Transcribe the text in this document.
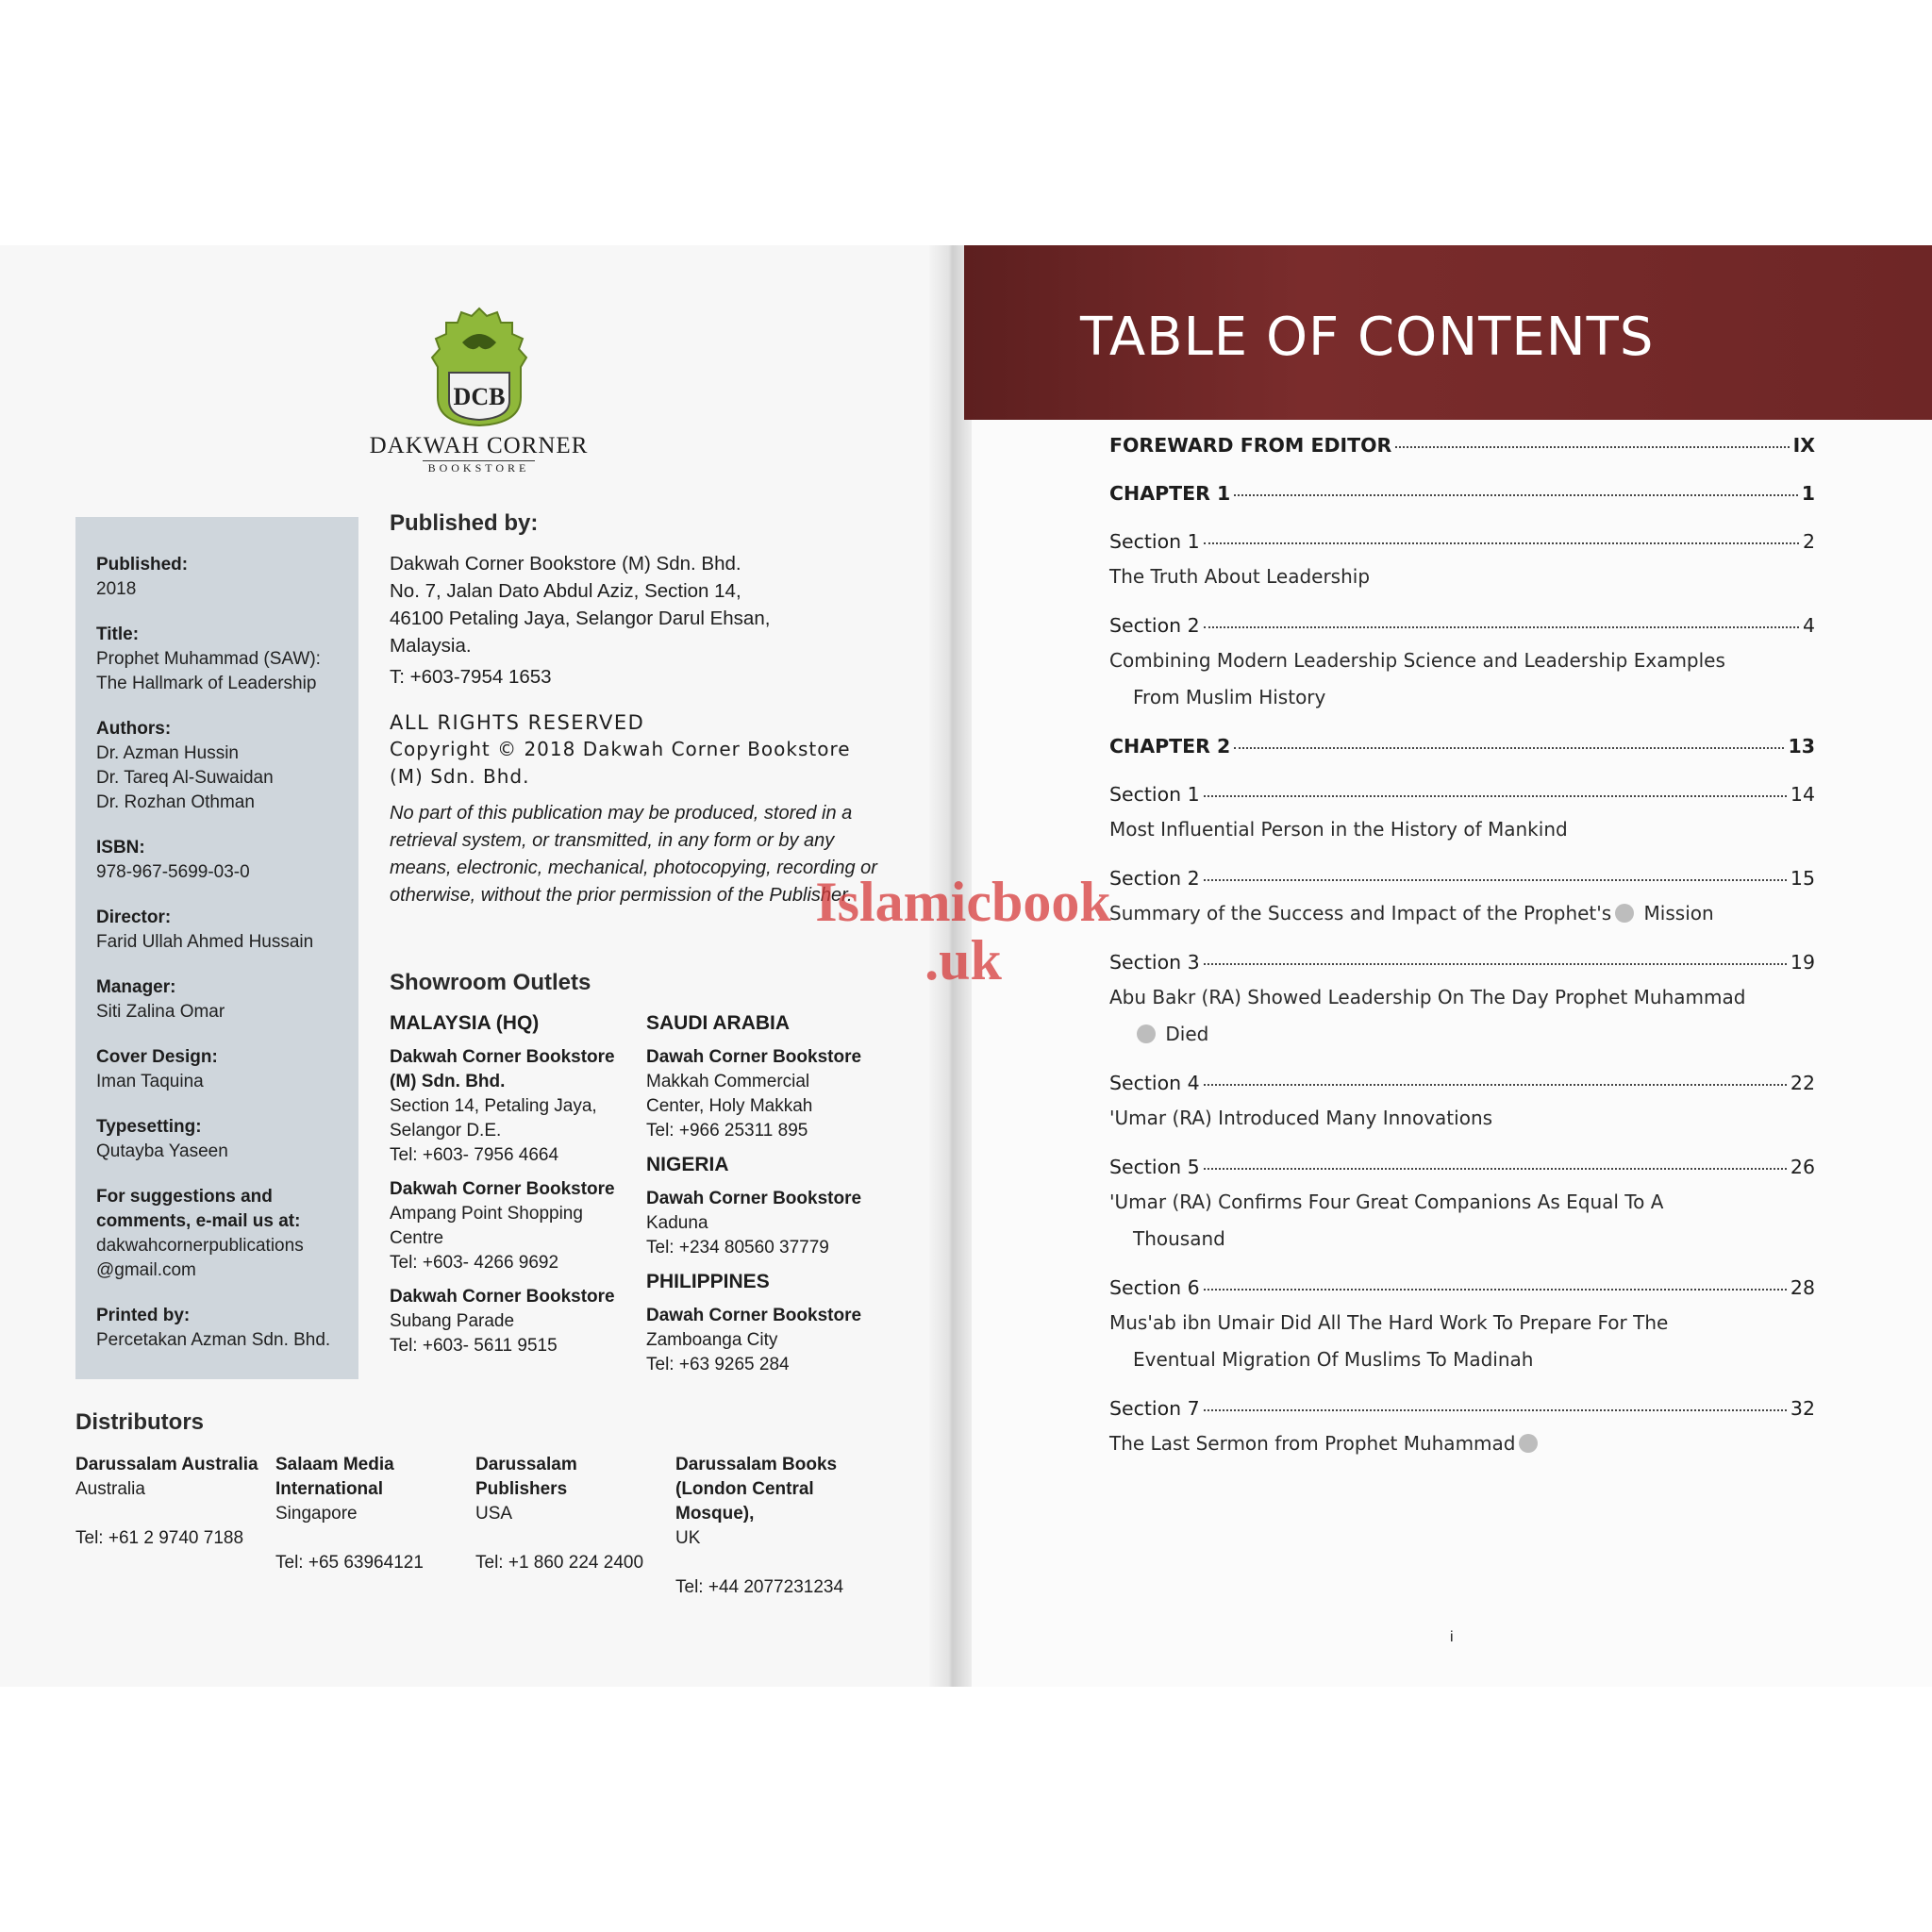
DCB
DAKWAH CORNER
BOOKSTORE
Published:
2018
Title:
Prophet Muhammad (SAW):
The Hallmark of Leadership
Authors:
Dr. Azman Hussin
Dr. Tareq Al-Suwaidan
Dr. Rozhan Othman
ISBN:
978-967-5699-03-0
Director:
Farid Ullah Ahmed Hussain
Manager:
Siti Zalina Omar
Cover Design:
Iman Taquina
Typesetting:
Qutayba Yaseen
For suggestions and comments, e-mail us at:
dakwahcornerpublications
@gmail.com
Printed by:
Percetakan Azman Sdn. Bhd.
Published by:
Dakwah Corner Bookstore (M) Sdn. Bhd.
No. 7, Jalan Dato Abdul Aziz, Section 14,
46100 Petaling Jaya, Selangor Darul Ehsan,
Malaysia.
T: +603-7954 1653
ALL RIGHTS RESERVED
Copyright © 2018 Dakwah Corner Bookstore (M) Sdn. Bhd.
No part of this publication may be produced, stored in a retrieval system, or transmitted, in any form or by any means, electronic, mechanical, photocopying, recording or otherwise, without the prior permission of the Publisher.
Showroom Outlets
MALAYSIA (HQ)
Dakwah Corner Bookstore (M) Sdn. Bhd.
Section 14, Petaling Jaya,
Selangor D.E.
Tel: +603- 7956 4664
Dakwah Corner Bookstore
Ampang Point Shopping
Centre
Tel: +603- 4266 9692
Dakwah Corner Bookstore
Subang Parade
Tel: +603- 5611 9515
SAUDI ARABIA
Dawah Corner Bookstore
Makkah Commercial
Center, Holy Makkah
Tel: +966 25311 895
NIGERIA
Dawah Corner Bookstore
Kaduna
Tel: +234 80560 37779
PHILIPPINES
Dawah Corner Bookstore
Zamboanga City
Tel: +63 9265 284
Distributors
Darussalam Australia
Australia
Tel: +61 2 9740 7188
Salaam Media International
Singapore
Tel: +65 63964121
Darussalam Publishers
USA
Tel: +1 860 224 2400
Darussalam Books (London Central Mosque),
UK
Tel: +44 2077231234
TABLE OF CONTENTS
FOREWARD FROM EDITOR	IX
CHAPTER 1	1
Section 1	2
The Truth About Leadership
Section 2	4
Combining Modern Leadership Science and Leadership Examples
From Muslim History
CHAPTER 2	13
Section 1	14
Most Influential Person in the History of Mankind
Section 2	15
Summary of the Success and Impact of the Prophet's Mission
Section 3	19
Abu Bakr (RA) Showed Leadership On The Day Prophet Muhammad
Died
Section 4	22
'Umar (RA) Introduced Many Innovations
Section 5	26
'Umar (RA) Confirms Four Great Companions As Equal To A
Thousand
Section 6	28
Mus'ab ibn Umair Did All The Hard Work To Prepare For The
Eventual Migration Of Muslims To Madinah
Section 7	32
The Last Sermon from Prophet Muhammad
i
Islamicbook
.uk
